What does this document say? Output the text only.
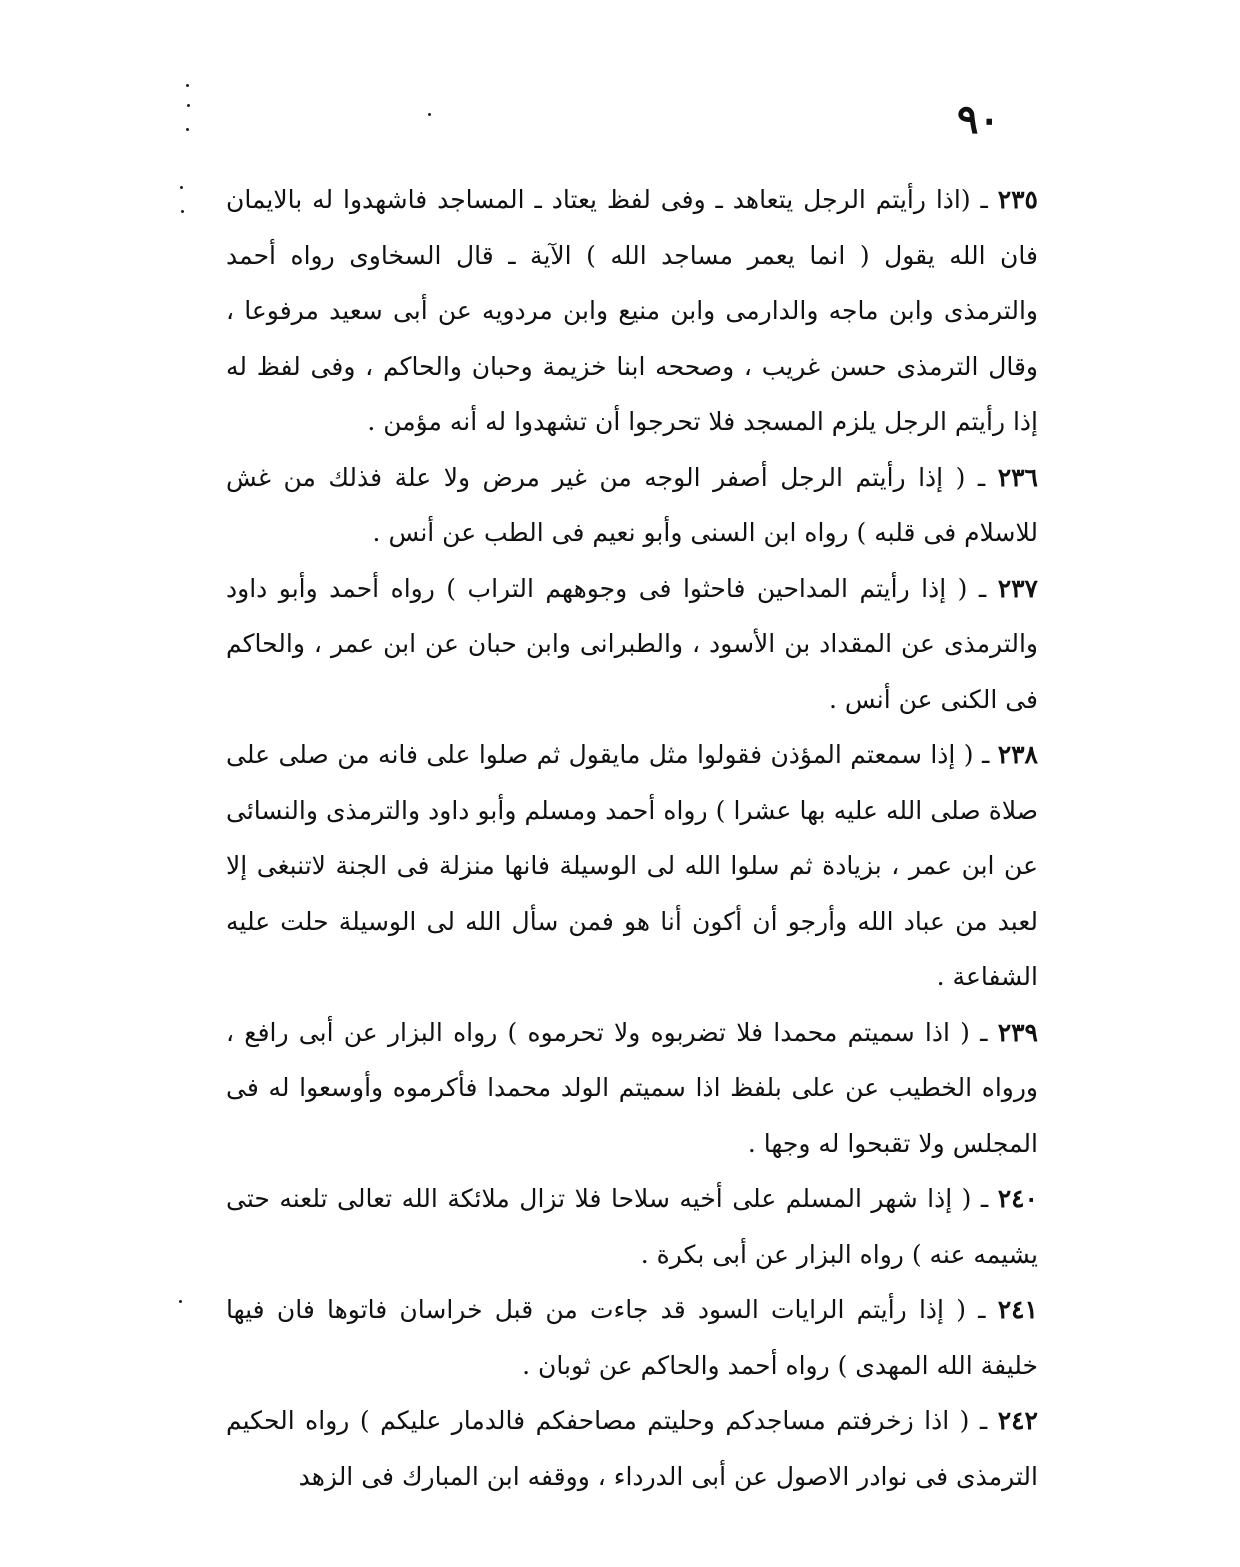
٩٠

٢٣٥ ـ (اذا رأيتم الرجل يتعاهد ـ وفى لفظ يعتاد ـ المساجد فاشهدوا له بالايمان فان الله يقول ( انما يعمر مساجد الله ) الآية ـ قال السخاوى رواه أحمد والترمذى وابن ماجه والدارمى وابن منيع وابن مردويه عن أبى سعيد مرفوعا ، وقال الترمذى حسن غريب ، وصححه ابنا خزيمة وحبان والحاكم ، وفى لفظ له إذا رأيتم الرجل يلزم المسجد فلا تحرجوا أن تشهدوا له أنه مؤمن .

٢٣٦ ـ ( إذا رأيتم الرجل أصفر الوجه من غير مرض ولا علة فذلك من غش للاسلام فى قلبه ) رواه ابن السنى وأبو نعيم فى الطب عن أنس .

٢٣٧ ـ ( إذا رأيتم المداحين فاحثوا فى وجوههم التراب ) رواه أحمد وأبو داود والترمذى عن المقداد بن الأسود ، والطبرانى وابن حبان عن ابن عمر ، والحاكم فى الكنى عن أنس .

٢٣٨ ـ ( إذا سمعتم المؤذن فقولوا مثل مايقول ثم صلوا على فانه من صلى على صلاة صلى الله عليه بها عشرا ) رواه أحمد ومسلم وأبو داود والترمذى والنسائى عن ابن عمر ، بزيادة ثم سلوا الله لى الوسيلة فانها منزلة فى الجنة لاتنبغى إلا لعبد من عباد الله وأرجو أن أكون أنا هو فمن سأل الله لى الوسيلة حلت عليه الشفاعة .

٢٣٩ ـ ( اذا سميتم محمدا فلا تضربوه ولا تحرموه ) رواه البزار عن أبى رافع ، ورواه الخطيب عن على بلفظ اذا سميتم الولد محمدا فأكرموه وأوسعوا له فى المجلس ولا تقبحوا له وجها .

٢٤٠ ـ ( إذا شهر المسلم على أخيه سلاحا فلا تزال ملائكة الله تعالى تلعنه حتى يشيمه عنه ) رواه البزار عن أبى بكرة .

٢٤١ ـ ( إذا رأيتم الرايات السود قد جاءت من قبل خراسان فاتوها فان فيها خليفة الله المهدى ) رواه أحمد والحاكم عن ثوبان .

٢٤٢ ـ ( اذا زخرفتم مساجدكم وحليتم مصاحفكم فالدمار عليكم ) رواه الحكيم الترمذى فى نوادر الاصول عن أبى الدرداء ، ووقفه ابن المبارك فى الزهد
